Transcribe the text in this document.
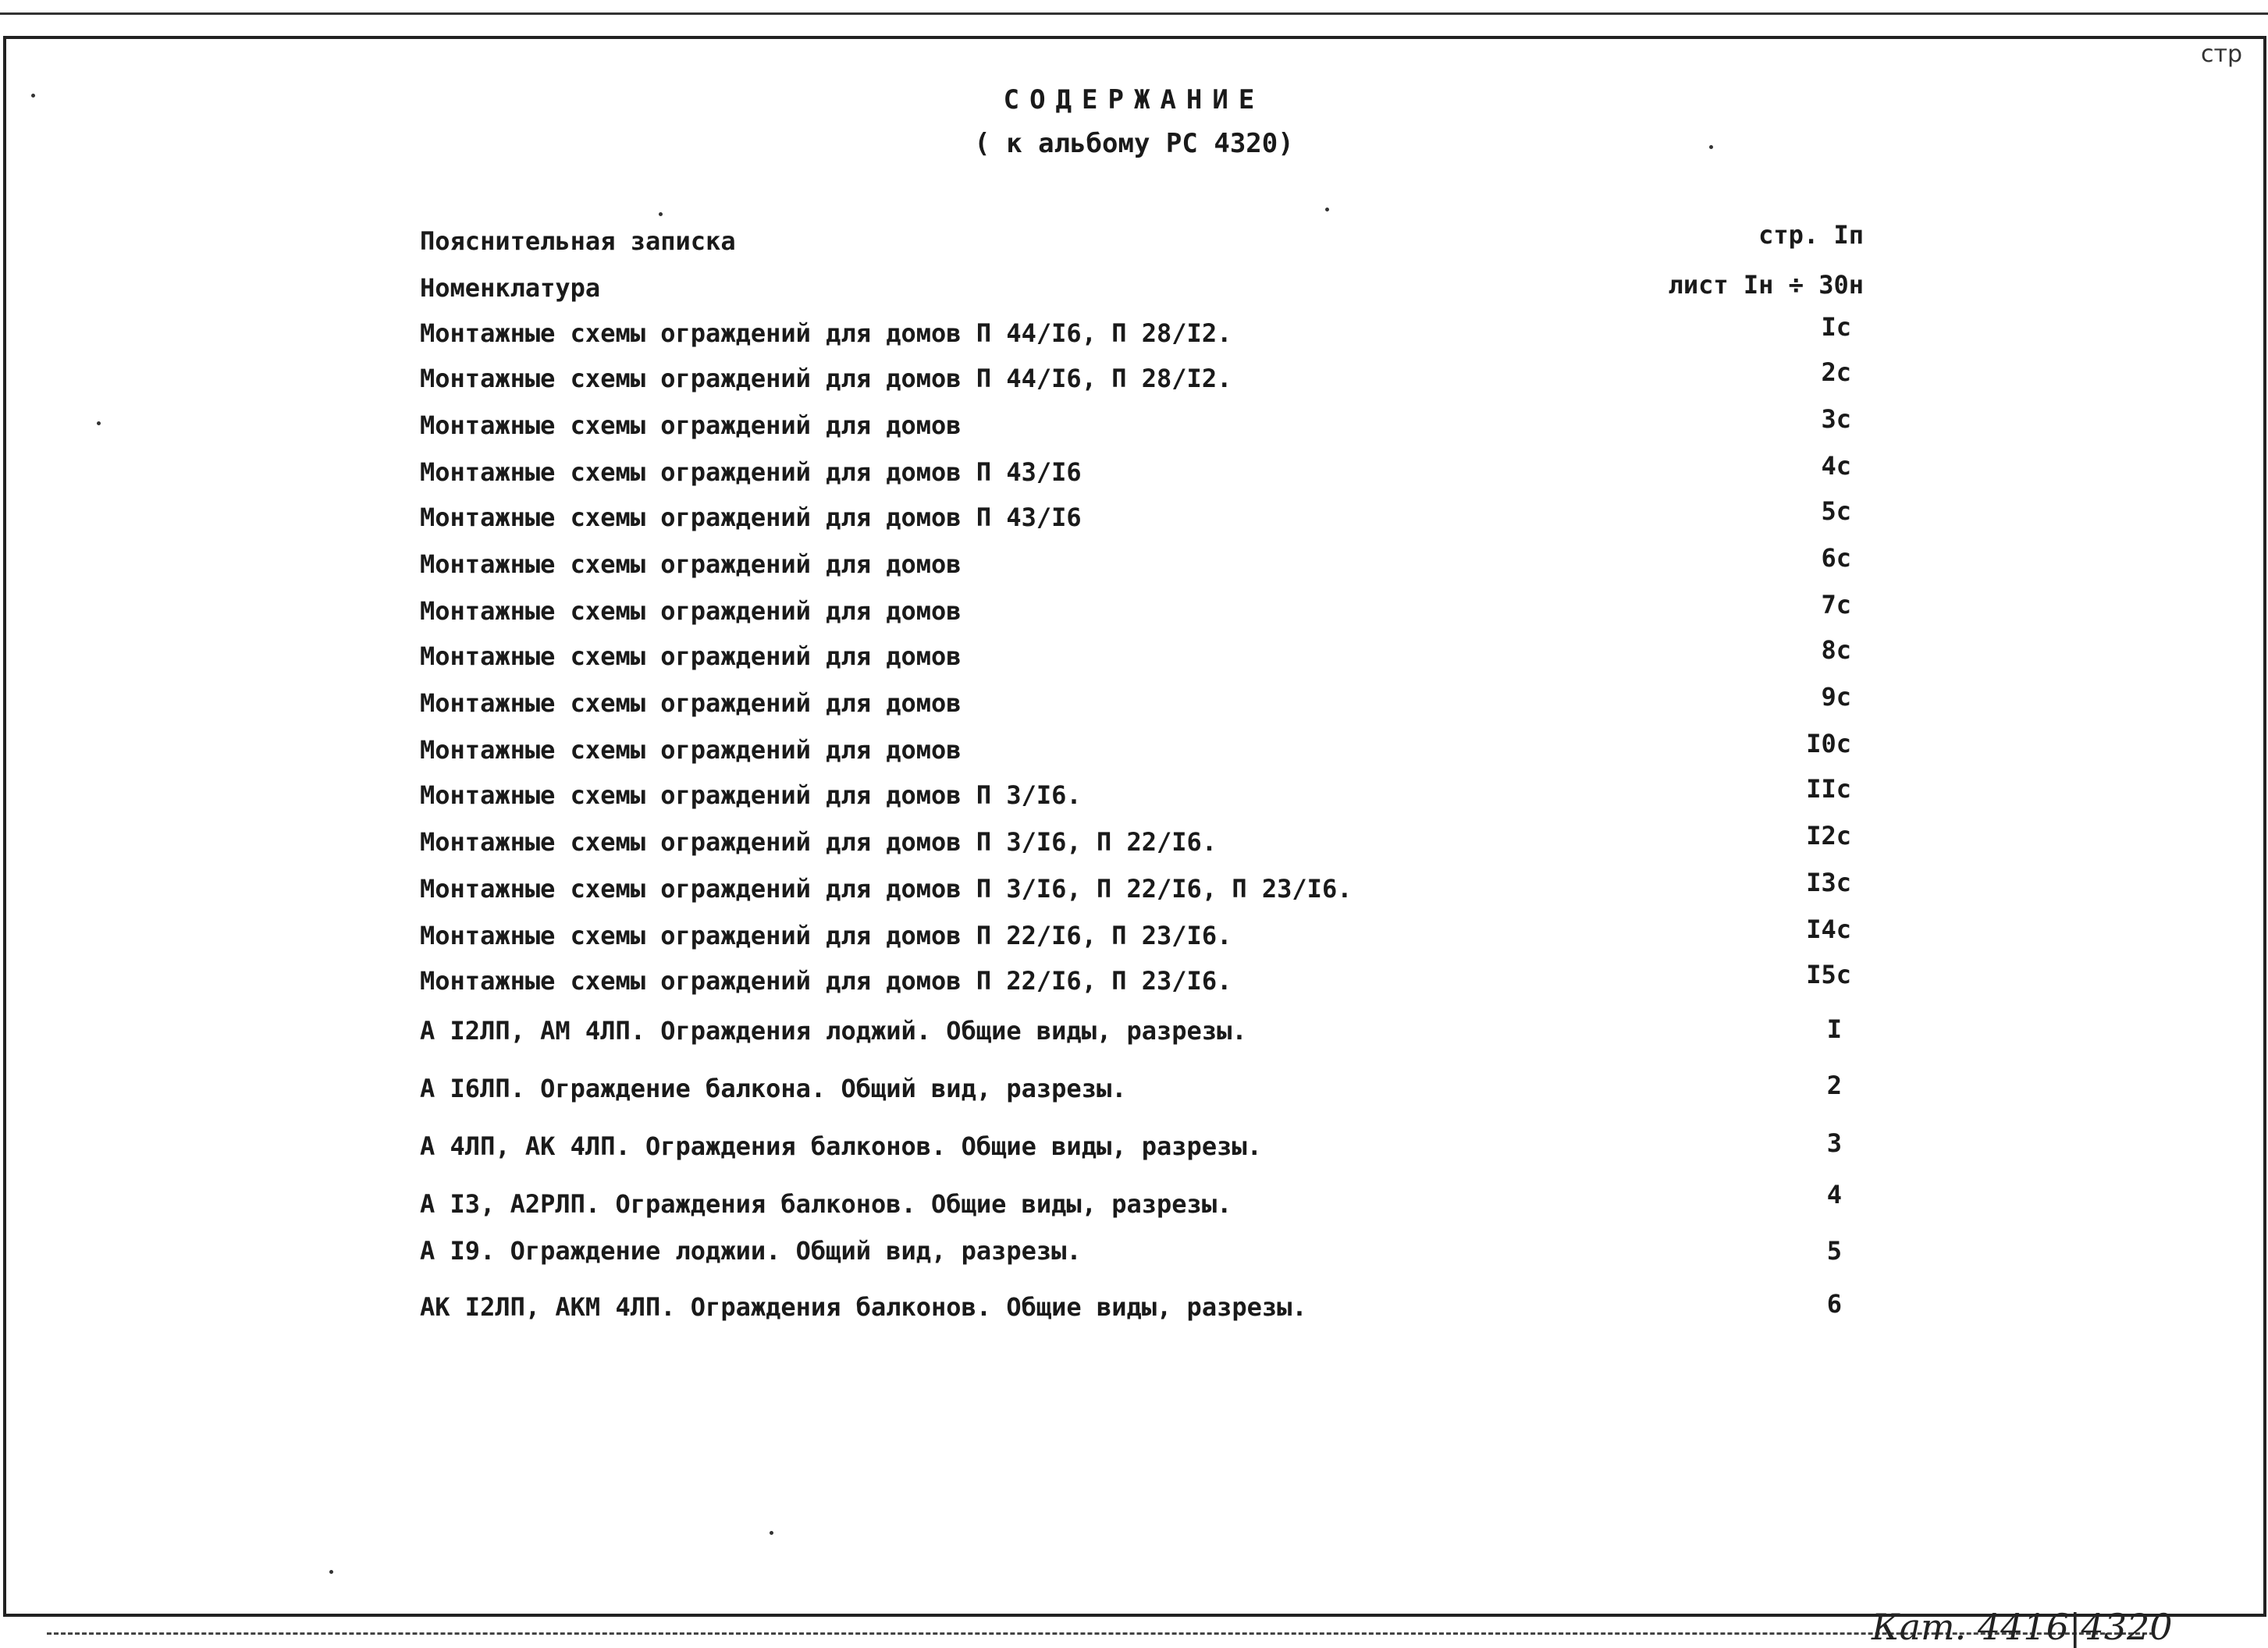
стр
СОДЕРЖАНИЕ
( к альбому РС 4320)
Пояснительная записка	стр. Iп
Номенклатура	лист Iн ÷ 30н
Монтажные схемы ограждений для домов П 44/I6, П 28/I2.	Iс
Монтажные схемы ограждений для домов П 44/I6, П 28/I2.	2с
Монтажные схемы ограждений для домов	3с
Монтажные схемы ограждений для домов П 43/I6	4с
Монтажные схемы ограждений для домов П 43/I6	5с
Монтажные схемы ограждений для домов	6с
Монтажные схемы ограждений для домов	7с
Монтажные схемы ограждений для домов	8с
Монтажные схемы ограждений для домов	9с
Монтажные схемы ограждений для домов	I0с
Монтажные схемы ограждений для домов П 3/I6.	IIс
Монтажные схемы ограждений для домов П 3/I6, П 22/I6.	I2с
Монтажные схемы ограждений для домов П 3/I6, П 22/I6, П 23/I6.	I3с
Монтажные схемы ограждений для домов П 22/I6, П 23/I6.	I4с
Монтажные схемы ограждений для домов П 22/I6, П 23/I6.	I5с
А I2ЛП, АМ 4ЛП. Ограждения лоджий. Общие виды, разрезы.	I
А I6ЛП. Ограждение балкона. Общий вид, разрезы.	2
А 4ЛП, АК 4ЛП. Ограждения балконов. Общие виды, разрезы.	3
А I3, А2РЛП. Ограждения балконов. Общие виды, разрезы.	4
А I9. Ограждение лоджии. Общий вид, разрезы.	5
АК I2ЛП, АКМ 4ЛП. Ограждения балконов. Общие виды, разрезы.	6
Кат. 4416|4320
